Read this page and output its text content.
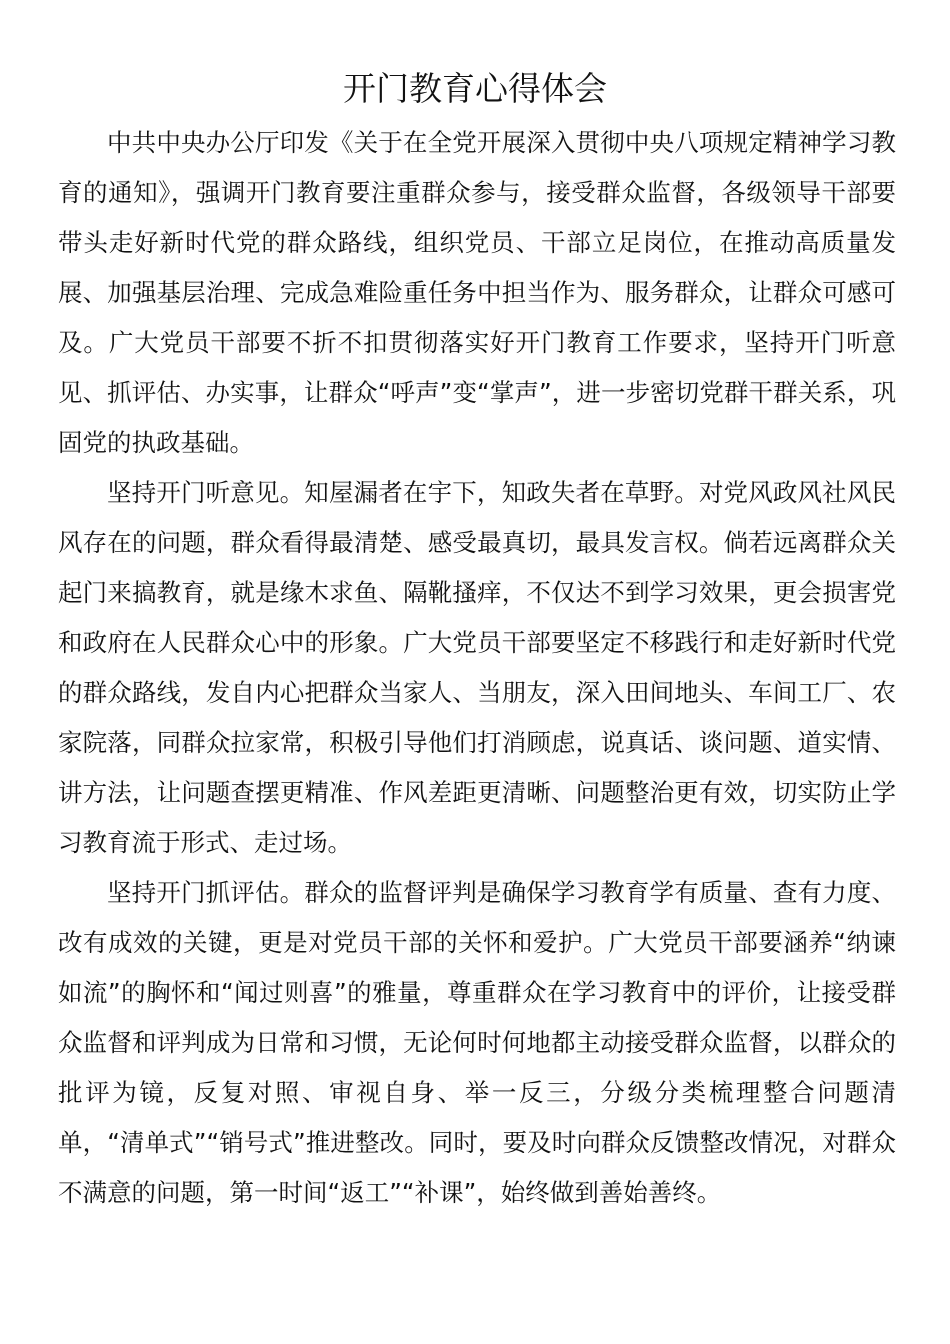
开门教育心得体会

中共中央办公厅印发《关于在全党开展深入贯彻中央八项规定精神学习教育的通知》，强调开门教育要注重群众参与，接受群众监督，各级领导干部要带头走好新时代党的群众路线，组织党员、干部立足岗位，在推动高质量发展、加强基层治理、完成急难险重任务中担当作为、服务群众，让群众可感可及。广大党员干部要不折不扣贯彻落实好开门教育工作要求，坚持开门听意见、抓评估、办实事，让群众“呼声”变“掌声”，进一步密切党群干群关系，巩固党的执政基础。

坚持开门听意见。知屋漏者在宇下，知政失者在草野。对党风政风社风民风存在的问题，群众看得最清楚、感受最真切，最具发言权。倘若远离群众关起门来搞教育，就是缘木求鱼、隔靴搔痒，不仅达不到学习效果，更会损害党和政府在人民群众心中的形象。广大党员干部要坚定不移践行和走好新时代党的群众路线，发自内心把群众当家人、当朋友，深入田间地头、车间工厂、农家院落，同群众拉家常，积极引导他们打消顾虑，说真话、谈问题、道实情、讲方法，让问题查摆更精准、作风差距更清晰、问题整治更有效，切实防止学习教育流于形式、走过场。

坚持开门抓评估。群众的监督评判是确保学习教育学有质量、查有力度、改有成效的关键，更是对党员干部的关怀和爱护。广大党员干部要涵养“纳谏如流”的胸怀和“闻过则喜”的雅量，尊重群众在学习教育中的评价，让接受群众监督和评判成为日常和习惯，无论何时何地都主动接受群众监督，以群众的批评为镜，反复对照、审视自身、举一反三，分级分类梳理整合问题清单，“清单式”“销号式”推进整改。同时，要及时向群众反馈整改情况，对群众不满意的问题，第一时间“返工”“补课”，始终做到善始善终。
